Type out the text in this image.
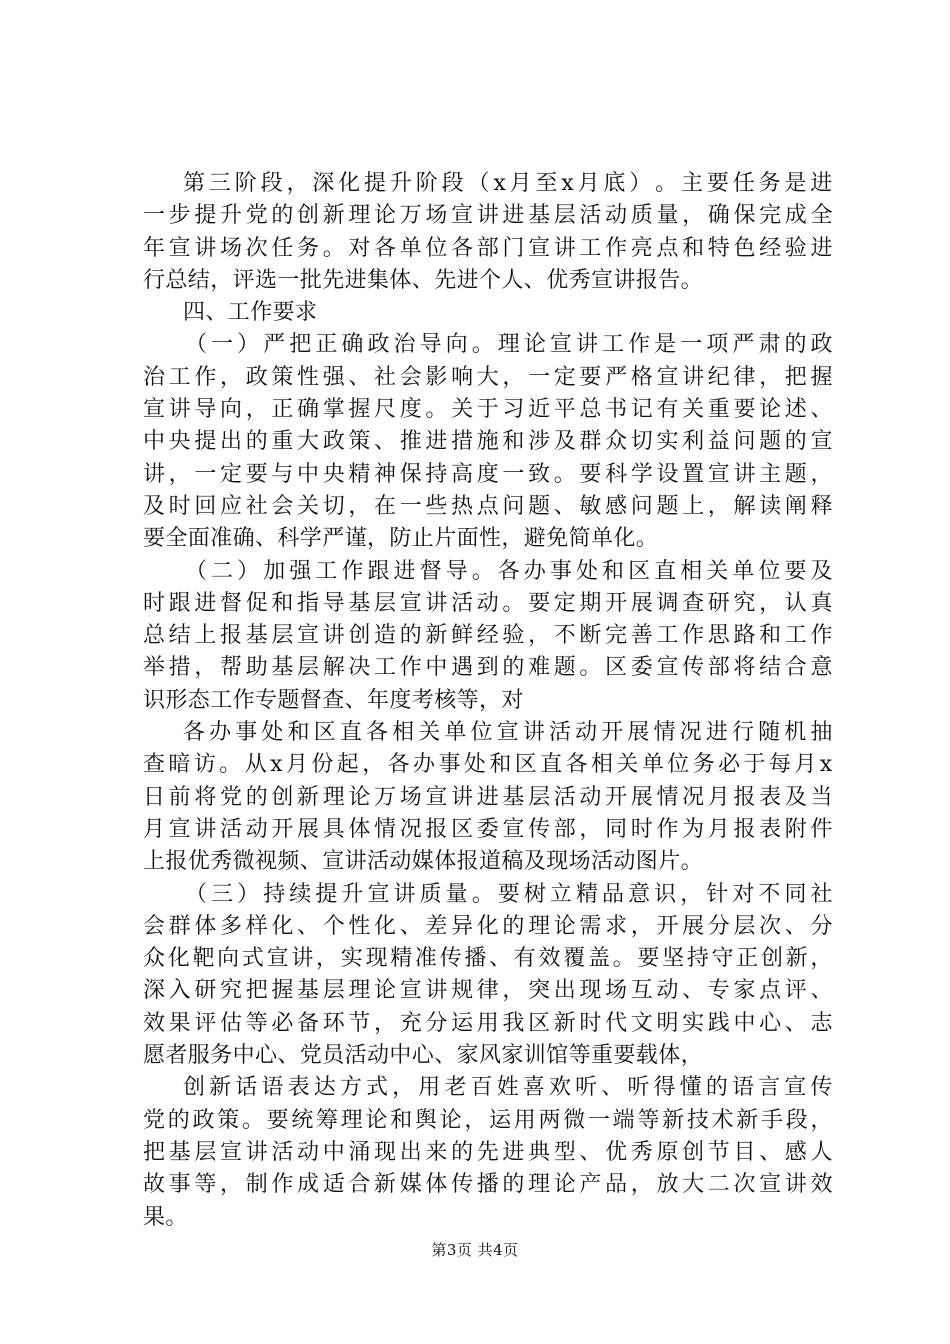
第 三 阶 段 ， 深 化 提 升 阶 段 （ x 月 至 x 月 底 ） 。 主 要 任 务 是 进
一 步 提 升 党 的 创 新 理 论 万 场 宣 讲 进 基 层 活 动 质 量 ， 确 保 完 成 全
年 宣 讲 场 次 任 务 。 对 各 单 位 各 部 门 宣 讲 工 作 亮 点 和 特 色 经 验 进
行总结，评选一批先进集体、先进个人、优秀宣讲报告。
四、工作要求
（ 一 ） 严 把 正 确 政 治 导 向 。 理 论 宣 讲 工 作 是 一 项 严 肃 的 政
治 工 作 ， 政 策 性 强 、 社 会 影 响 大 ， 一 定 要 严 格 宣 讲 纪 律 ， 把 握
宣 讲 导 向 ， 正 确 掌 握 尺 度 。 关 于 习 近 平 总 书 记 有 关 重 要 论 述 、
中 央 提 出 的 重 大 政 策 、 推 进 措 施 和 涉 及 群 众 切 实 利 益 问 题 的 宣
讲 ， 一 定 要 与 中 央 精 神 保 持 高 度 一 致 。 要 科 学 设 置 宣 讲 主 题 ，
及 时 回 应 社 会 关 切 ， 在 一 些 热 点 问 题 、 敏 感 问 题 上 ， 解 读 阐 释
要全面准确、科学严谨，防止片面性，避免简单化。
（ 二 ） 加 强 工 作 跟 进 督 导 。 各 办 事 处 和 区 直 相 关 单 位 要 及
时 跟 进 督 促 和 指 导 基 层 宣 讲 活 动 。 要 定 期 开 展 调 查 研 究 ， 认 真
总 结 上 报 基 层 宣 讲 创 造 的 新 鲜 经 验 ， 不 断 完 善 工 作 思 路 和 工 作
举 措 ， 帮 助 基 层 解 决 工 作 中 遇 到 的 难 题 。 区 委 宣 传 部 将 结 合 意
识形态工作专题督查、年度考核等，对
各 办 事 处 和 区 直 各 相 关 单 位 宣 讲 活 动 开 展 情 况 进 行 随 机 抽
查 暗 访 。 从 x 月 份 起 ， 各 办 事 处 和 区 直 各 相 关 单 位 务 必 于 每 月 x
日 前 将 党 的 创 新 理 论 万 场 宣 讲 进 基 层 活 动 开 展 情 况 月 报 表 及 当
月 宣 讲 活 动 开 展 具 体 情 况 报 区 委 宣 传 部 ， 同 时 作 为 月 报 表 附 件
上报优秀微视频、宣讲活动媒体报道稿及现场活动图片。
（ 三 ） 持 续 提 升 宣 讲 质 量 。 要 树 立 精 品 意 识 ， 针 对 不 同 社
会 群 体 多 样 化 、 个 性 化 、 差 异 化 的 理 论 需 求 ， 开 展 分 层 次 、 分
众 化 靶 向 式 宣 讲 ， 实 现 精 准 传 播 、 有 效 覆 盖 。 要 坚 持 守 正 创 新 ，
深 入 研 究 把 握 基 层 理 论 宣 讲 规 律 ， 突 出 现 场 互 动 、 专 家 点 评 、
效 果 评 估 等 必 备 环 节 ， 充 分 运 用 我 区 新 时 代 文 明 实 践 中 心 、 志
愿者服务中心、党员活动中心、家风家训馆等重要载体，
创 新 话 语 表 达 方 式 ， 用 老 百 姓 喜 欢 听 、 听 得 懂 的 语 言 宣 传
党 的 政 策 。 要 统 筹 理 论 和 舆 论 ， 运 用 两 微 一 端 等 新 技 术 新 手 段 ，
把 基 层 宣 讲 活 动 中 涌 现 出 来 的 先 进 典 型 、 优 秀 原 创 节 目 、 感 人
故 事 等 ， 制 作 成 适 合 新 媒 体 传 播 的 理 论 产 品 ， 放 大 二 次 宣 讲 效
果。
第3页 共4页
